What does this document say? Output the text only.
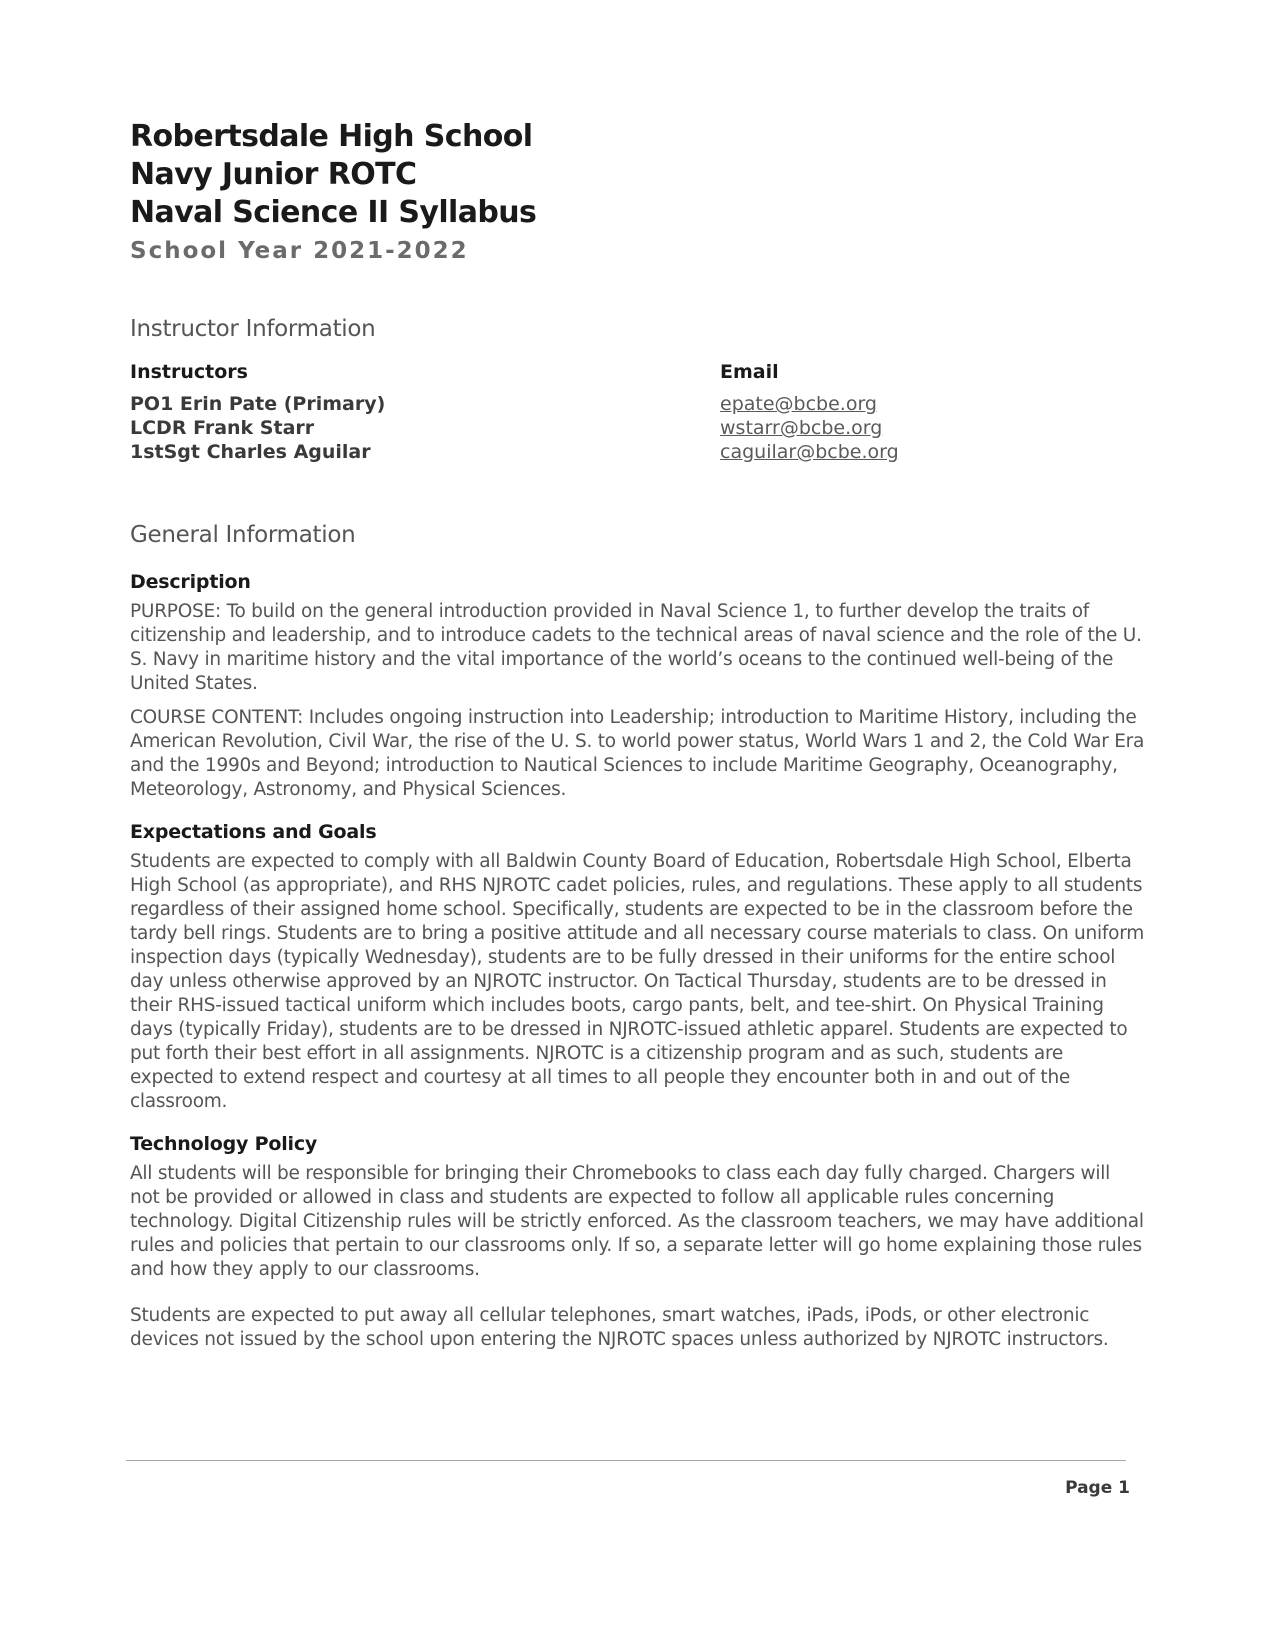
Robertsdale High School
Navy Junior ROTC
Naval Science II Syllabus
School Year 2021-2022
Instructor Information
Instructors
PO1 Erin Pate (Primary)
LCDR Frank Starr
1stSgt Charles Aguilar
Email
epate@bcbe.org
wstarr@bcbe.org
caguilar@bcbe.org
General Information
Description

PURPOSE: To build on the general introduction provided in Naval Science 1, to further develop the traits of citizenship and leadership, and to introduce cadets to the technical areas of naval science and the role of the U. S. Navy in maritime history and the vital importance of the world’s oceans to the continued well-being of the United States.

COURSE CONTENT: Includes ongoing instruction into Leadership; introduction to Maritime History, including the American Revolution, Civil War, the rise of the U. S. to world power status, World Wars 1 and 2, the Cold War Era and the 1990s and Beyond; introduction to Nautical Sciences to include Maritime Geography, Oceanography, Meteorology, Astronomy, and Physical Sciences.

Expectations and Goals

Students are expected to comply with all Baldwin County Board of Education, Robertsdale High School, Elberta High School (as appropriate), and RHS NJROTC cadet policies, rules, and regulations. These apply to all students regardless of their assigned home school. Specifically, students are expected to be in the classroom before the tardy bell rings. Students are to bring a positive attitude and all necessary course materials to class. On uniform inspection days (typically Wednesday), students are to be fully dressed in their uniforms for the entire school day unless otherwise approved by an NJROTC instructor. On Tactical Thursday, students are to be dressed in their RHS-issued tactical uniform which includes boots, cargo pants, belt, and tee-shirt. On Physical Training days (typically Friday), students are to be dressed in NJROTC-issued athletic apparel. Students are expected to put forth their best effort in all assignments. NJROTC is a citizenship program and as such, students are expected to extend respect and courtesy at all times to all people they encounter both in and out of the classroom.

Technology Policy

All students will be responsible for bringing their Chromebooks to class each day fully charged. Chargers will not be provided or allowed in class and students are expected to follow all applicable rules concerning technology. Digital Citizenship rules will be strictly enforced. As the classroom teachers, we may have additional rules and policies that pertain to our classrooms only. If so, a separate letter will go home explaining those rules and how they apply to our classrooms.

Students are expected to put away all cellular telephones, smart watches, iPads, iPods, or other electronic devices not issued by the school upon entering the NJROTC spaces unless authorized by NJROTC instructors.

Page 1
